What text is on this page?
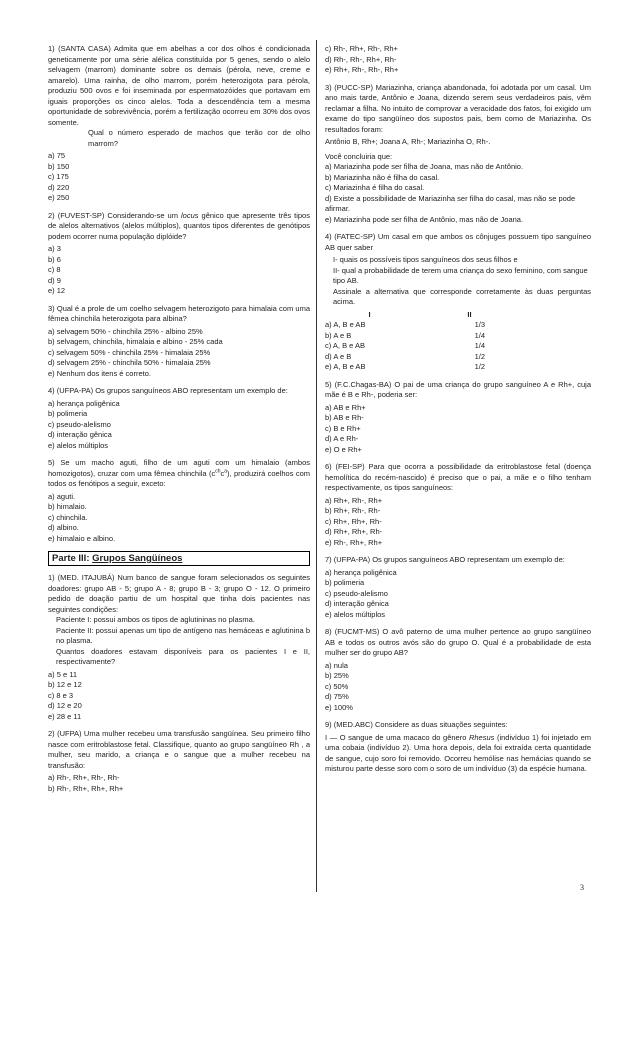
1) (SANTA CASA) Admita que em abelhas a cor dos olhos é condicionada geneticamente por uma série alélica constituída por 5 genes, sendo o alelo selvagem (marrom) dominante sobre os demais (pérola, neve, creme e amarelo). Uma rainha, de olho marrom, porém heterozigota para pérola, produziu 500 ovos e foi inseminada por espermatozóides que portavam em iguais proporções os cinco alelos. Toda a descendência tem a mesma oportunidade de sobrevivência, porém a fertilização ocorreu em 30% dos ovos somente.

Qual o número esperado de machos que terão cor de olho marrom?

a) 75

b) 150

c) 175

d) 220

e) 250

2) (FUVEST-SP) Considerando-se um locus gênico que apresente três tipos de alelos alternativos (alelos múltiplos), quantos tipos diferentes de genótipos podem ocorrer numa população diplóide?

a) 3

b) 6

c) 8

d) 9

e) 12

3) Qual é a prole de um coelho selvagem heterozigoto para himalaia com uma fêmea chinchila heterozigota para albina?

a) selvagem 50% - chinchila 25% - albino 25%

b) selvagem, chinchila, himalaia e albino - 25% cada

c) selvagem 50% - chinchila 25% - himalaia 25%

d) selvagem 25% - chinchila 50% - himalaia 25%

e) Nenhum dos itens é correto.

4) (UFPA-PA) Os grupos sanguíneos ABO representam um exemplo de:

a) herança poligênica

b) polimeria

c) pseudo-alelismo

d) interação gênica

e) alelos múltiplos

5) Se um macho aguti, filho de um aguti com um himalaio (ambos homozigotos), cruzar com uma fêmea chinchila $(c^{ch}c^a)$, produzirá coelhos com todos os fenótipos a seguir, exceto:

a) aguti.

b) himalaio.

c) chinchila.

d) albino.

e) himalaio e albino.

Parte III: Grupos Sangüíneos

1) (MED. ITAJUBÁ) Num banco de sangue foram selecionados os seguintes doadores: grupo AB - 5; grupo A - 8; grupo B - 3; grupo O - 12. O primeiro pedido de doação partiu de um hospital que tinha dois pacientes nas seguintes condições:

Paciente I: possui ambos os tipos de aglutininas no plasma.

Paciente II: possui apenas um tipo de antígeno nas hemáceas e aglutinina b no plasma.

Quantos doadores estavam disponíveis para os pacientes I e II, respectivamente?

a) 5 e 11

b) 12 e 12

c) 8 e 3

d) 12 e 20

e) 28 e 11

2) (UFPA) Uma mulher recebeu uma transfusão sangüínea. Seu primeiro filho nasce com eritroblastose fetal. Classifique, quanto ao grupo sangüíneo Rh , a mulher, seu marido, a criança e o sangue que a mulher recebeu na transfusão:

a) Rh-, Rh+, Rh-, Rh-

b) Rh-, Rh+, Rh+, Rh+

c) Rh-, Rh+, Rh-, Rh+

d) Rh-, Rh-, Rh+, Rh-

e) Rh+, Rh-, Rh-, Rh+

3) (PUCC-SP) Mariazinha, criança abandonada, foi adotada por um casal. Um ano mais tarde, Antônio e Joana, dizendo serem seus verdadeiros pais, vêm reclamar a filha. No intuito de comprovar a veracidade dos fatos, foi exigido um exame do tipo sangüíneo dos supostos pais, bem como de Mariazinha. Os resultados foram:

Antônio B, Rh+; Joana A, Rh-; Mariazinha O, Rh-.

Você concluiria que:

a) Mariazinha pode ser filha de Joana, mas não de Antônio.

b) Mariazinha não é filha do casal.

c) Mariazinha é filha do casal.

d) Existe a possibilidade de Mariazinha ser filha do casal, mas não se pode afirmar.

e) Mariazinha pode ser filha de Antônio, mas não de Joana.

4) (FATEC-SP) Um casal em que ambos os cônjuges possuem tipo sanguíneo AB quer saber

I- quais os possíveis tipos sanguíneos dos seus filhos e

II- qual a probabilidade de terem uma criança do sexo feminino, com sangue tipo AB.

Assinale a alternativa que corresponde corretamente às duas perguntas acima.

I	II
a) A, B e AB	1/3
b) A e B	1/4
c) A, B e AB	1/4
d) A e B	1/2
e) A, B e AB	1/2

5) (F.C.Chagas-BA) O pai de uma criança do grupo sanguíneo A e Rh+, cuja mãe é B e Rh-, poderia ser:

a) AB e Rh+

b) AB e Rh-

c) B e Rh+

d) A e Rh-

e) O e Rh+

6) (FEI-SP) Para que ocorra a possibilidade da eritroblastose fetal (doença hemolítica do recém-nascido) é preciso que o pai, a mãe e o filho tenham respectivamente, os tipos sanguíneos:

a) Rh+, Rh-, Rh+

b) Rh+, Rh-, Rh-

c) Rh+, Rh+, Rh-

d) Rh+, Rh+, Rh-

e) Rh-, Rh+, Rh+

7) (UFPA-PA) Os grupos sanguíneos ABO representam um exemplo de:

a) herança poligênica

b) polimeria

c) pseudo-alelismo

d) interação gênica

e) alelos múltiplos

8) (FUCMT-MS) O avô paterno de uma mulher pertence ao grupo sangüíneo AB e todos os outros avós são do grupo O. Qual é a probabilidade de esta mulher ser do grupo AB?

a) nula

b) 25%

c) 50%

d) 75%

e) 100%

9) (MED.ABC) Considere as duas situações seguintes:

I — O sangue de uma macaco do gênero Rhesus (indivíduo 1) foi injetado em uma cobaia (indivíduo 2). Uma hora depois, dela foi extraída certa quantidade de sangue, cujo soro foi removido. Ocorreu hemólise nas hemácias quando se misturou parte desse soro com o soro de um indivíduo (3) da espécie humana.
3
